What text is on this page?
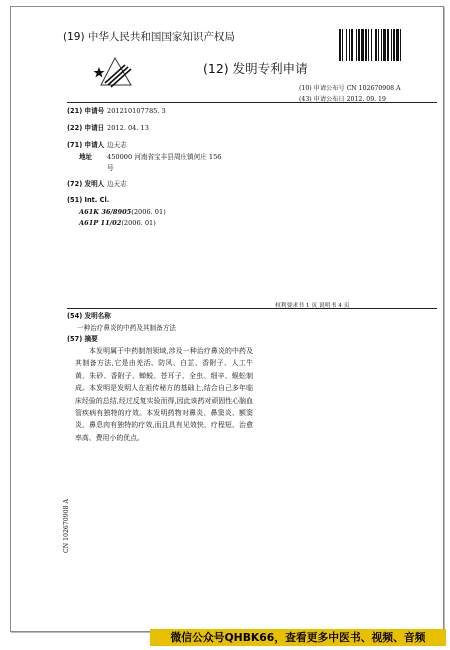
(19) 中华人民共和国国家知识产权局
(12) 发明专利申请
(10) 申请公布号 CN 102670908 A
(43) 申请公布日 2012. 09. 19
(21) 申请号 201210107785. 3
(22) 申请日 2012. 04. 13
(71) 申请人 边天志
地址 450000 河南省宝丰县周庄镇何庄 156
号
(72) 发明人 边天志
(51) Int. Cl.
A61K 36/8905(2006. 01)
A61P 11/02(2006. 01)
权利要求书 1 页 说明书 4 页
(54) 发明名称
一种治疗鼻炎的中药及其制备方法
(57) 摘要
本发明属于中药制剂领域,涉及一种治疗鼻炎的中药及其制备方法,它是由羌活、防风、白芷、香附子、人工牛黄、朱砂、香附子、蝉蜕、苍耳子、全虫、细辛、蜈蚣制成。本发明是发明人在祖传秘方的基础上,结合自己多年临床经验的总结,经过反复实验而得,因此该药对顽固性心脑血管疾病有独特的疗效。本发明药物对鼻炎、鼻窦炎、额窦炎、鼻息肉有独特的疗效,而且具有见效快、疗程短、治愈率高、费用小的优点。
CN 102670908 A
微信公众号QHBK66，查看更多中医书、视频、音频
